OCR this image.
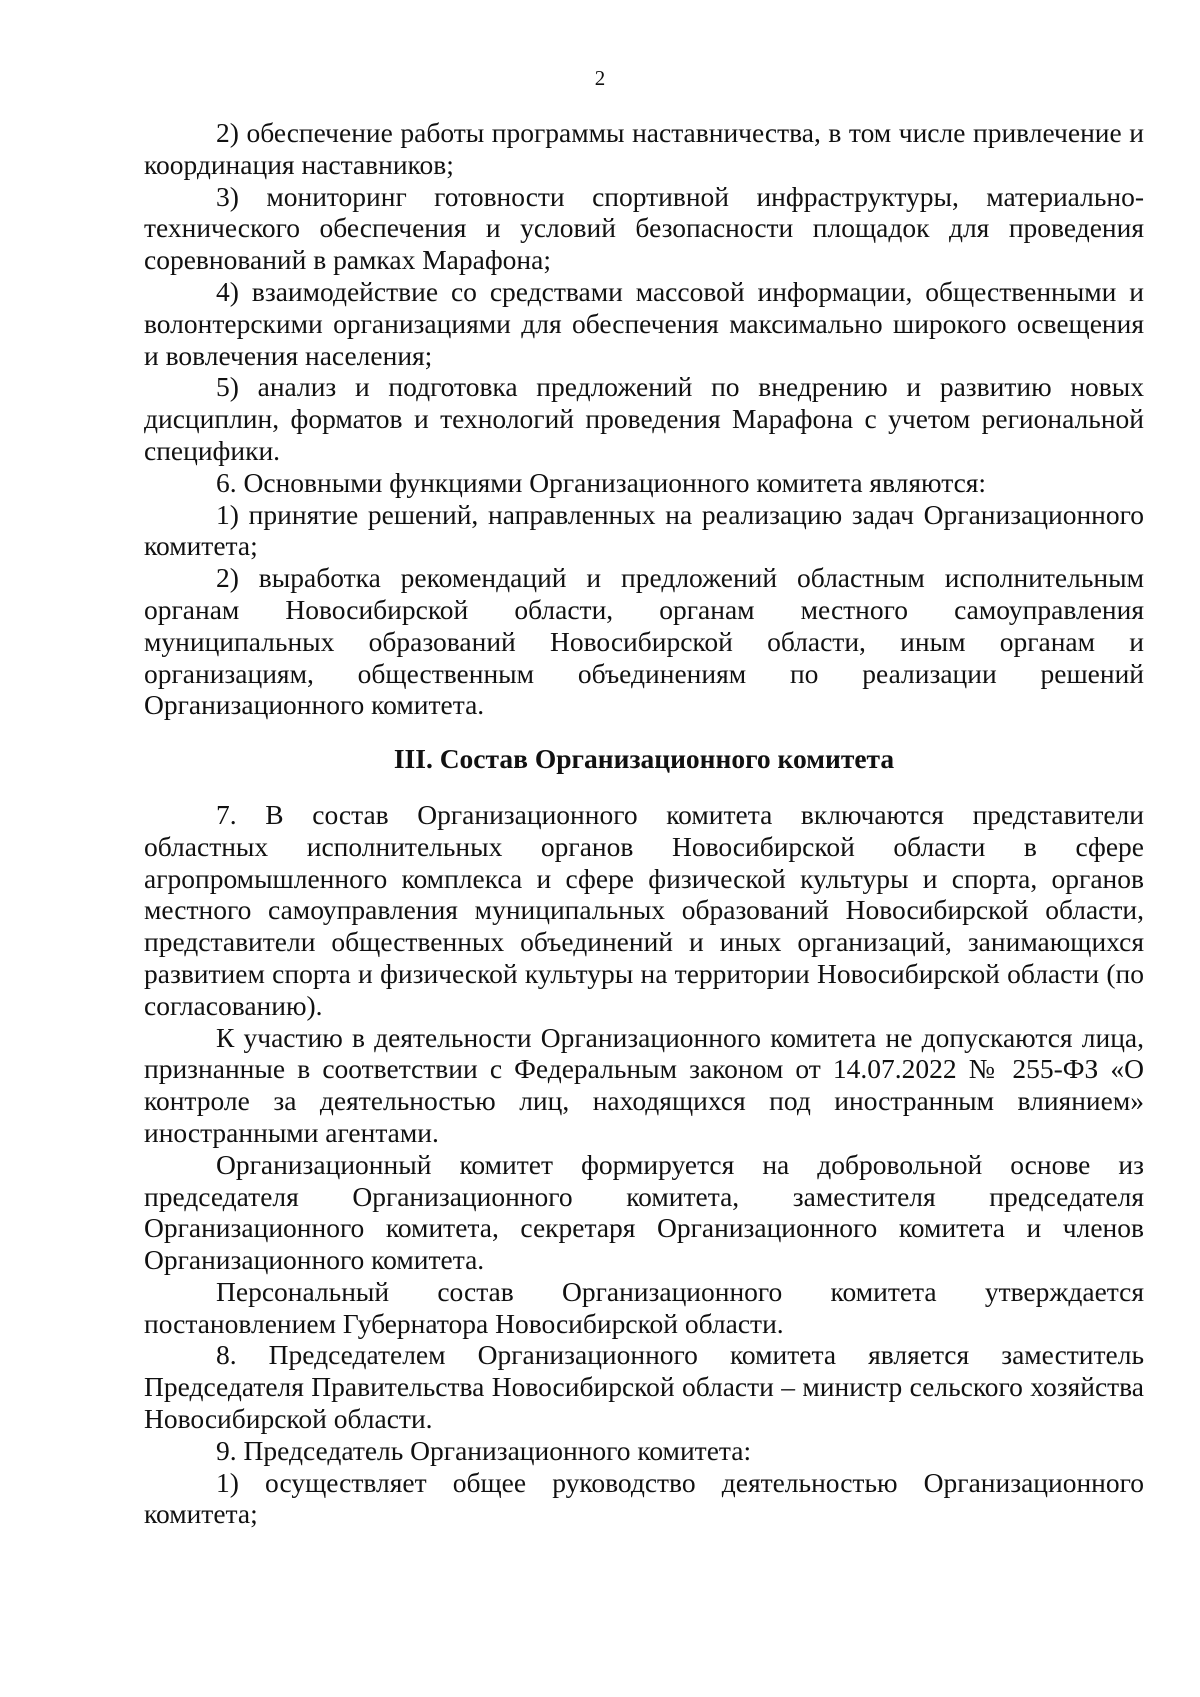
2

2) обеспечение работы программы наставничества, в том числе привлечение и координация наставников;

3) мониторинг готовности спортивной инфраструктуры, материально-технического обеспечения и условий безопасности площадок для проведения соревнований в рамках Марафона;

4) взаимодействие со средствами массовой информации, общественными и волонтерскими организациями для обеспечения максимально широкого освещения и вовлечения населения;

5) анализ и подготовка предложений по внедрению и развитию новых дисциплин, форматов и технологий проведения Марафона с учетом региональной специфики.

6. Основными функциями Организационного комитета являются:

1) принятие решений, направленных на реализацию задач Организационного комитета;

2) выработка рекомендаций и предложений областным исполнительным органам Новосибирской области, органам местного самоуправления муниципальных образований Новосибирской области, иным органам и организациям, общественным объединениям по реализации решений Организационного комитета.

III. Состав Организационного комитета

7. В состав Организационного комитета включаются представители областных исполнительных органов Новосибирской области в сфере агропромышленного комплекса и сфере физической культуры и спорта, органов местного самоуправления муниципальных образований Новосибирской области, представители общественных объединений и иных организаций, занимающихся развитием спорта и физической культуры на территории Новосибирской области (по согласованию).

К участию в деятельности Организационного комитета не допускаются лица, признанные в соответствии с Федеральным законом от 14.07.2022 № 255-ФЗ «О контроле за деятельностью лиц, находящихся под иностранным влиянием» иностранными агентами.

Организационный комитет формируется на добровольной основе из председателя Организационного комитета, заместителя председателя Организационного комитета, секретаря Организационного комитета и членов Организационного комитета.

Персональный состав Организационного комитета утверждается постановлением Губернатора Новосибирской области.

8. Председателем Организационного комитета является заместитель Председателя Правительства Новосибирской области – министр сельского хозяйства Новосибирской области.

9. Председатель Организационного комитета:

1) осуществляет общее руководство деятельностью Организационного комитета;
